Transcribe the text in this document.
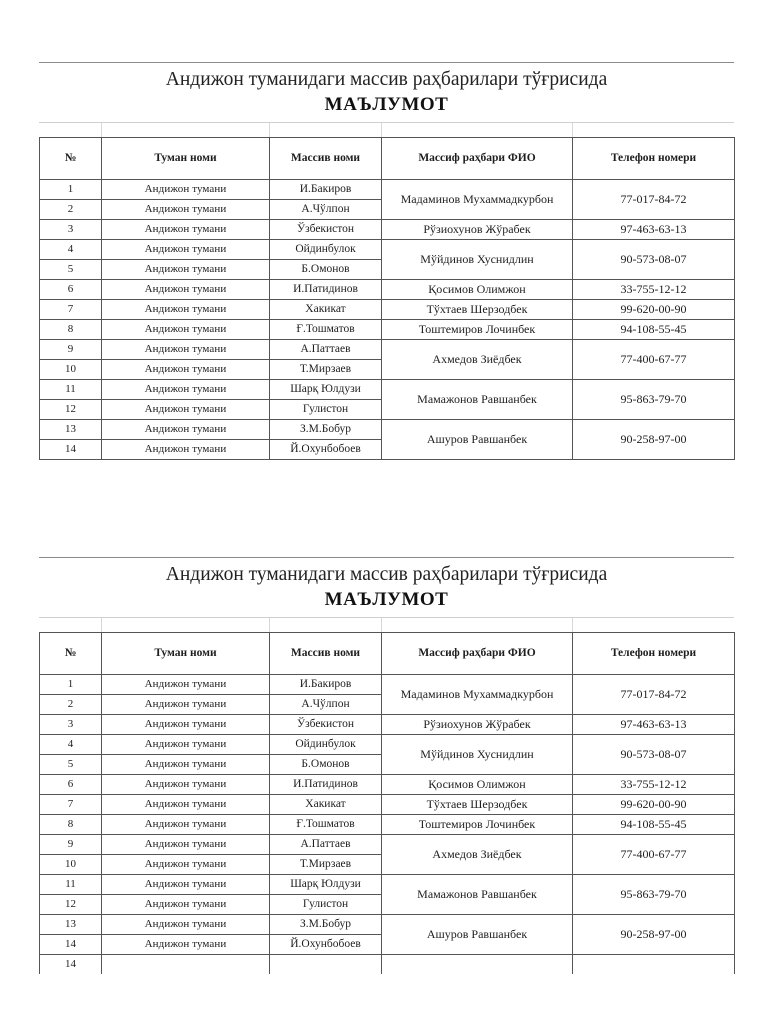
Андижон туманидаги массив раҳбарилари тўғрисида
МАЪЛУМОТ
№	Туман номи	Массив номи	Массиф раҳбари ФИО	Телефон номери
1	Андижон тумани	И.Бакиров	Мадаминов Мухаммадкурбон	77-017-84-72
2	Андижон тумани	А.Чўлпон		
3	Андижон тумани	Ўзбекистон	Рўзиохунов Жўрабек	97-463-63-13
4	Андижон тумани	Ойдинбулок	Мўйдинов Хуснидлин	90-573-08-07
5	Андижон тумани	Б.Омонов		
6	Андижон тумани	И.Патидинов	Қосимов Олимжон	33-755-12-12
7	Андижон тумани	Хакикат	Тўхтаев Шерзодбек	99-620-00-90
8	Андижон тумани	Ғ.Тошматов	Тоштемиров Лочинбек	94-108-55-45
9	Андижон тумани	А.Паттаев	Ахмедов Зиёдбек	77-400-67-77
10	Андижон тумани	Т.Мирзаев		
11	Андижон тумани	Шарқ Юлдузи	Мамажонов Равшанбек	95-863-79-70
12	Андижон тумани	Гулистон		
13	Андижон тумани	З.М.Бобур	Ашуров Равшанбек	90-258-97-00
14	Андижон тумани	Й.Охунбобоев		
Андижон туманидаги массив раҳбарилари тўғрисида
МАЪЛУМОТ
№	Туман номи	Массив номи	Массиф раҳбари ФИО	Телефон номери
1	Андижон тумани	И.Бакиров	Мадаминов Мухаммадкурбон	77-017-84-72
2	Андижон тумани	А.Чўлпон		
3	Андижон тумани	Ўзбекистон	Рўзиохунов Жўрабек	97-463-63-13
4	Андижон тумани	Ойдинбулок	Мўйдинов Хуснидлин	90-573-08-07
5	Андижон тумани	Б.Омонов		
6	Андижон тумани	И.Патидинов	Қосимов Олимжон	33-755-12-12
7	Андижон тумани	Хакикат	Тўхтаев Шерзодбек	99-620-00-90
8	Андижон тумани	Ғ.Тошматов	Тоштемиров Лочинбек	94-108-55-45
9	Андижон тумани	А.Паттаев	Ахмедов Зиёдбек	77-400-67-77
10	Андижон тумани	Т.Мирзаев		
11	Андижон тумани	Шарқ Юлдузи	Мамажонов Равшанбек	95-863-79-70
12	Андижон тумани	Гулистон		
13	Андижон тумани	З.М.Бобур	Ашуров Равшанбек	90-258-97-00
14	Андижон тумани	Й.Охунбобоев		
14				
